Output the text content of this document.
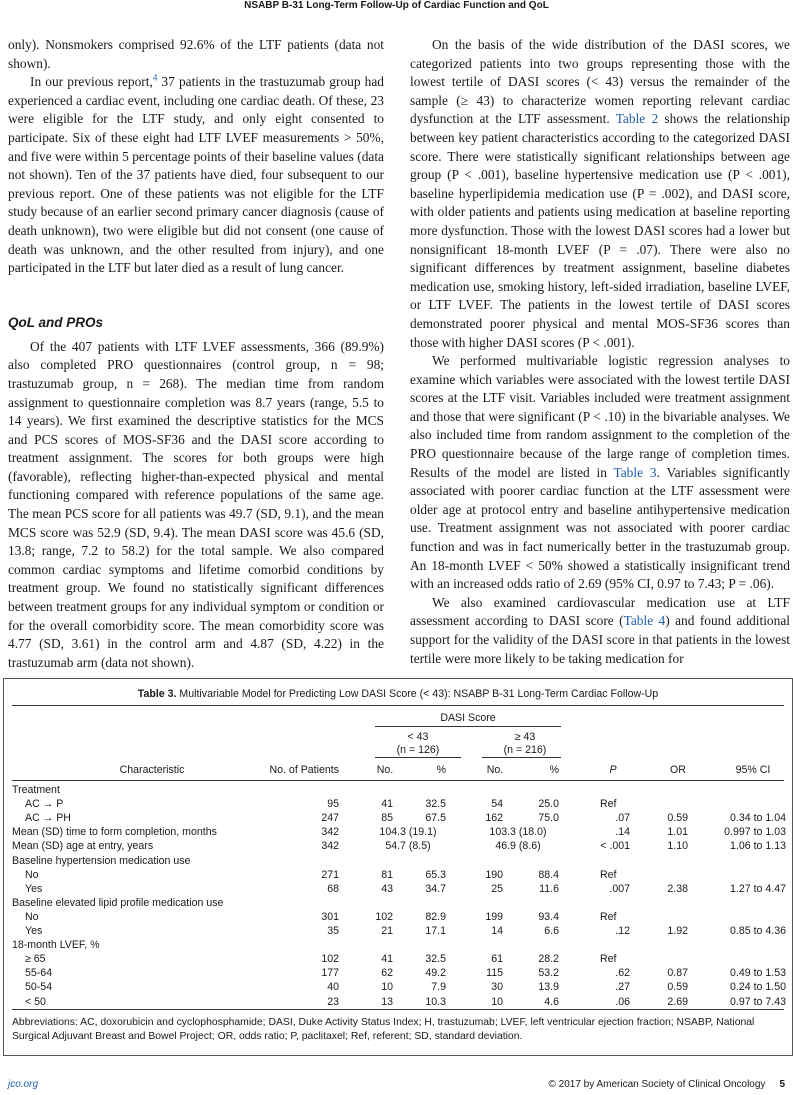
NSABP B-31 Long-Term Follow-Up of Cardiac Function and QoL

only). Nonsmokers comprised 92.6% of the LTF patients (data not shown).

In our previous report,$^4$ 37 patients in the trastuzumab group had experienced a cardiac event, including one cardiac death. Of these, 23 were eligible for the LTF study, and only eight consented to participate. Six of these eight had LTF LVEF measurements > 50%, and five were within 5 percentage points of their baseline values (data not shown). Ten of the 37 patients have died, four subsequent to our previous report. One of these patients was not eligible for the LTF study because of an earlier second primary cancer diagnosis (cause of death unknown), two were eligible but did not consent (one cause of death was unknown, and the other resulted from injury), and one participated in the LTF but later died as a result of lung cancer.

QoL and PROs

Of the 407 patients with LTF LVEF assessments, 366 (89.9%) also completed PRO questionnaires (control group, n = 98; trastuzumab group, n = 268). The median time from random assignment to questionnaire completion was 8.7 years (range, 5.5 to 14 years). We first examined the descriptive statistics for the MCS and PCS scores of MOS-SF36 and the DASI score according to treatment assignment. The scores for both groups were high (favorable), reflecting higher-than-expected physical and mental functioning compared with reference populations of the same age. The mean PCS score for all patients was 49.7 (SD, 9.1), and the mean MCS score was 52.9 (SD, 9.4). The mean DASI score was 45.6 (SD, 13.8; range, 7.2 to 58.2) for the total sample. We also compared common cardiac symptoms and lifetime comorbid conditions by treatment group. We found no statistically significant differences between treatment groups for any individual symptom or condition or for the overall comorbidity score. The mean comorbidity score was 4.77 (SD, 3.61) in the control arm and 4.87 (SD, 4.22) in the trastuzumab arm (data not shown).

On the basis of the wide distribution of the DASI scores, we categorized patients into two groups representing those with the lowest tertile of DASI scores (< 43) versus the remainder of the sample (≥ 43) to characterize women reporting relevant cardiac dysfunction at the LTF assessment. Table 2 shows the relationship between key patient characteristics according to the categorized DASI score. There were statistically significant relationships between age group (P < .001), baseline hypertensive medication use (P < .001), baseline hyperlipidemia medication use (P = .002), and DASI score, with older patients and patients using medication at baseline reporting more dysfunction. Those with the lowest DASI scores had a lower but nonsignificant 18-month LVEF (P = .07). There were also no significant differences by treatment assignment, baseline diabetes medication use, smoking history, left-sided irradiation, baseline LVEF, or LTF LVEF. The patients in the lowest tertile of DASI scores demonstrated poorer physical and mental MOS-SF36 scores than those with higher DASI scores (P < .001).

We performed multivariable logistic regression analyses to examine which variables were associated with the lowest tertile DASI scores at the LTF visit. Variables included were treatment assignment and those that were significant (P < .10) in the bivariable analyses. We also included time from random assignment to the completion of the PRO questionnaire because of the large range of completion times. Results of the model are listed in Table 3. Variables significantly associated with poorer cardiac function at the LTF assessment were older age at protocol entry and baseline antihypertensive medication use. Treatment assignment was not associated with poorer cardiac function and was in fact numerically better in the trastuzumab group. An 18-month LVEF < 50% showed a statistically insignificant trend with an increased odds ratio of 2.69 (95% CI, 0.97 to 7.43; P = .06).

We also examined cardiovascular medication use at LTF assessment according to DASI score (Table 4) and found additional support for the validity of the DASI score in that patients in the lowest tertile were more likely to be taking medication for

Table 3. Multivariable Model for Predicting Low DASI Score (< 43): NSABP B-31 Long-Term Cardiac Follow-Up
DASI Score
< 43
(n = 126)
≥ 43
(n = 216)
Characteristic	No. of Patients	No.	%	No.	%	P	OR	95% CI
Treatment
AC → P	95	41	32.5	54	25.0	Ref
AC → PH	247	85	67.5	162	75.0	.07	0.59	0.34 to 1.04
Mean (SD) time to form completion, months	342	104.3 (19.1)	103.3 (18.0)	.14	1.01	0.997 to 1.03
Mean (SD) age at entry, years	342	54.7 (8.5)	46.9 (8.6)	< .001	1.10	1.06 to 1.13
Baseline hypertension medication use
No	271	81	65.3	190	88.4	Ref
Yes	68	43	34.7	25	11.6	.007	2.38	1.27 to 4.47
Baseline elevated lipid profile medication use
No	301	102	82.9	199	93.4	Ref
Yes	35	21	17.1	14	6.6	.12	1.92	0.85 to 4.36
18-month LVEF, %
≥ 65	102	41	32.5	61	28.2	Ref
55-64	177	62	49.2	115	53.2	.62	0.87	0.49 to 1.53
50-54	40	10	7.9	30	13.9	.27	0.59	0.24 to 1.50
< 50	23	13	10.3	10	4.6	.06	2.69	0.97 to 7.43
Abbreviations: AC, doxorubicin and cyclophosphamide; DASI, Duke Activity Status Index; H, trastuzumab; LVEF, left ventricular ejection fraction; NSABP, National Surgical Adjuvant Breast and Bowel Project; OR, odds ratio; P, paclitaxel; Ref, referent; SD, standard deviation.
jco.org	© 2017 by American Society of Clinical Oncology 5
